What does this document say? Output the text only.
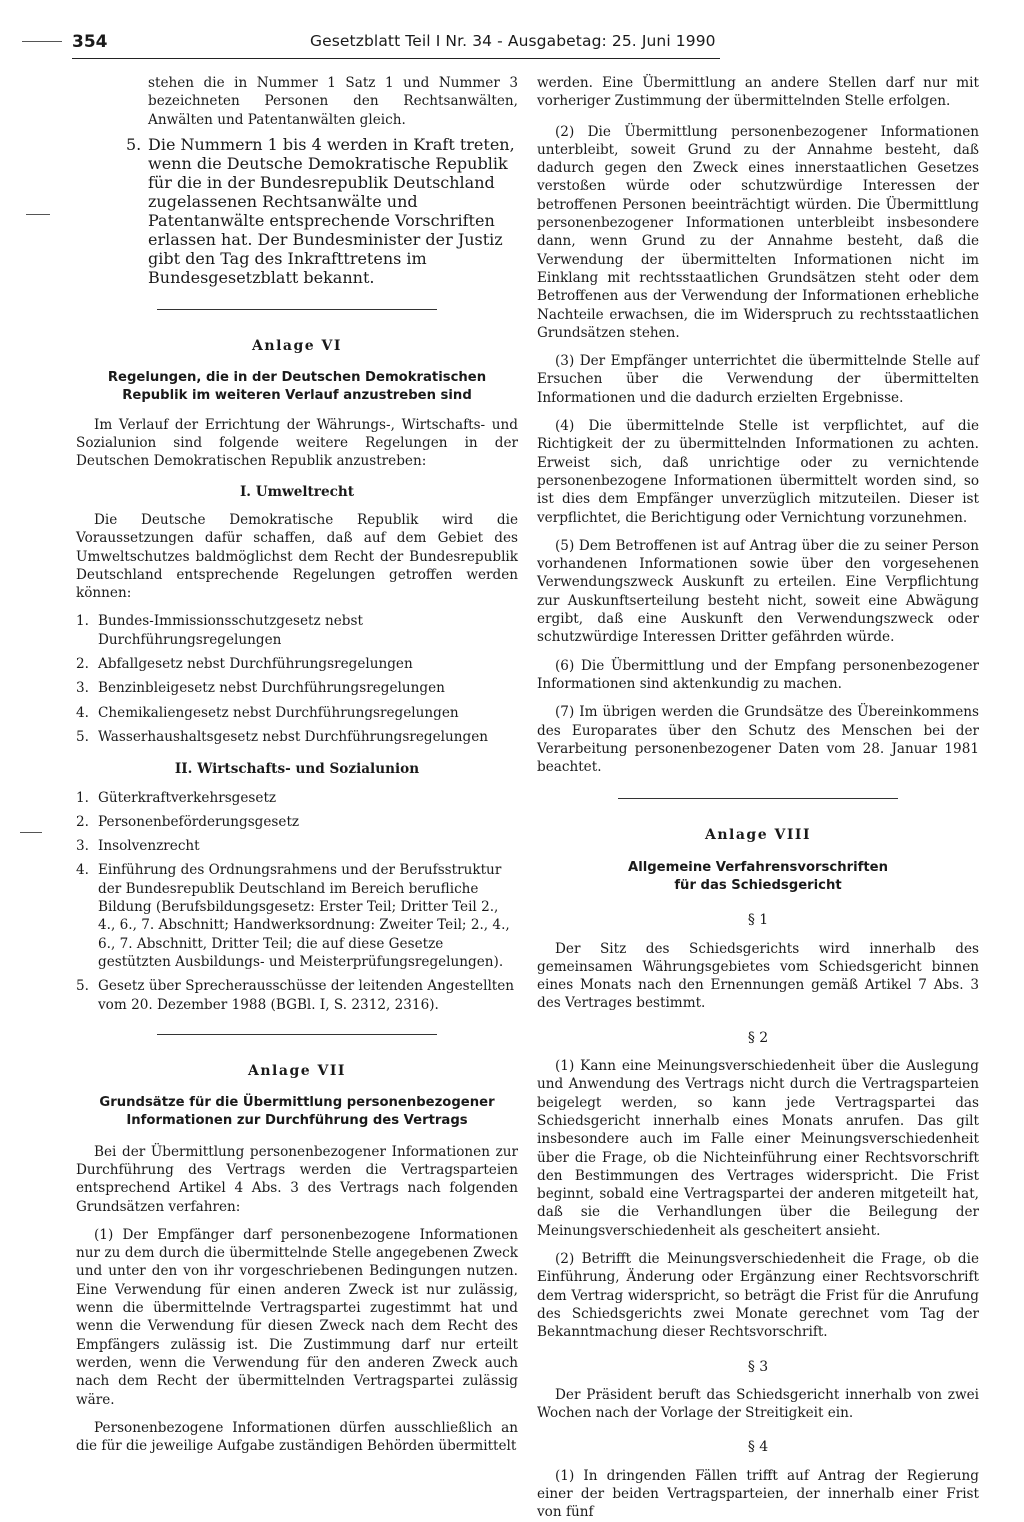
354	Gesetzblatt Teil I Nr. 34 - Ausgabetag: 25. Juni 1990

stehen die in Nummer 1 Satz 1 und Nummer 3 bezeichneten Personen den Rechtsanwälten, Anwälten und Patentanwälten gleich.

5. Die Nummern 1 bis 4 werden in Kraft treten, wenn die Deutsche Demokratische Republik für die in der Bundesrepublik Deutschland zugelassenen Rechtsanwälte und Patentanwälte entsprechende Vorschriften erlassen hat. Der Bundesminister der Justiz gibt den Tag des Inkrafttretens im Bundesgesetzblatt bekannt.
Anlage VI
Regelungen, die in der Deutschen Demokratischen Republik im weiteren Verlauf anzustreben sind

Im Verlauf der Errichtung der Währungs-, Wirtschafts- und Sozialunion sind folgende weitere Regelungen in der Deutschen Demokratischen Republik anzustreben:

I. Umweltrecht

Die Deutsche Demokratische Republik wird die Voraussetzungen dafür schaffen, daß auf dem Gebiet des Umweltschutzes baldmöglichst dem Recht der Bundesrepublik Deutschland entsprechende Regelungen getroffen werden können:

1. Bundes-Immissionsschutzgesetz nebst Durchführungsregelungen
2. Abfallgesetz nebst Durchführungsregelungen
3. Benzinbleigesetz nebst Durchführungsregelungen
4. Chemikaliengesetz nebst Durchführungsregelungen
5. Wasserhaushaltsgesetz nebst Durchführungsregelungen
II. Wirtschafts- und Sozialunion
1. Güterkraftverkehrsgesetz
2. Personenbeförderungsgesetz
3. Insolvenzrecht
4. Einführung des Ordnungsrahmens und der Berufsstruktur der Bundesrepublik Deutschland im Bereich berufliche Bildung (Berufsbildungsgesetz: Erster Teil; Dritter Teil 2., 4., 6., 7. Abschnitt; Handwerksordnung: Zweiter Teil; 2., 4., 6., 7. Abschnitt, Dritter Teil; die auf diese Gesetze gestützten Ausbildungs- und Meisterprüfungsregelungen).
5. Gesetz über Sprecherausschüsse der leitenden Angestellten vom 20. Dezember 1988 (BGBl. I, S. 2312, 2316).
Anlage VII
Grundsätze für die Übermittlung personenbezogener Informationen zur Durchführung des Vertrags

Bei der Übermittlung personenbezogener Informationen zur Durchführung des Vertrags werden die Vertragsparteien entsprechend Artikel 4 Abs. 3 des Vertrags nach folgenden Grundsätzen verfahren:

(1) Der Empfänger darf personenbezogene Informationen nur zu dem durch die übermittelnde Stelle angegebenen Zweck und unter den von ihr vorgeschriebenen Bedingungen nutzen. Eine Verwendung für einen anderen Zweck ist nur zulässig, wenn die übermittelnde Vertragspartei zugestimmt hat und wenn die Verwendung für diesen Zweck nach dem Recht des Empfängers zulässig ist. Die Zustimmung darf nur erteilt werden, wenn die Verwendung für den anderen Zweck auch nach dem Recht der übermittelnden Vertragspartei zulässig wäre.

Personenbezogene Informationen dürfen ausschließlich an die für die jeweilige Aufgabe zuständigen Behörden übermittelt

werden. Eine Übermittlung an andere Stellen darf nur mit vorheriger Zustimmung der übermittelnden Stelle erfolgen.

(2) Die Übermittlung personenbezogener Informationen unterbleibt, soweit Grund zu der Annahme besteht, daß dadurch gegen den Zweck eines innerstaatlichen Gesetzes verstoßen würde oder schutzwürdige Interessen der betroffenen Personen beeinträchtigt würden. Die Übermittlung personenbezogener Informationen unterbleibt insbesondere dann, wenn Grund zu der Annahme besteht, daß die Verwendung der übermittelten Informationen nicht im Einklang mit rechtsstaatlichen Grundsätzen steht oder dem Betroffenen aus der Verwendung der Informationen erhebliche Nachteile erwachsen, die im Widerspruch zu rechtsstaatlichen Grundsätzen stehen.

(3) Der Empfänger unterrichtet die übermittelnde Stelle auf Ersuchen über die Verwendung der übermittelten Informationen und die dadurch erzielten Ergebnisse.

(4) Die übermittelnde Stelle ist verpflichtet, auf die Richtigkeit der zu übermittelnden Informationen zu achten. Erweist sich, daß unrichtige oder zu vernichtende personenbezogene Informationen übermittelt worden sind, so ist dies dem Empfänger unverzüglich mitzuteilen. Dieser ist verpflichtet, die Berichtigung oder Vernichtung vorzunehmen.

(5) Dem Betroffenen ist auf Antrag über die zu seiner Person vorhandenen Informationen sowie über den vorgesehenen Verwendungszweck Auskunft zu erteilen. Eine Verpflichtung zur Auskunftserteilung besteht nicht, soweit eine Abwägung ergibt, daß eine Auskunft den Verwendungszweck oder schutzwürdige Interessen Dritter gefährden würde.

(6) Die Übermittlung und der Empfang personenbezogener Informationen sind aktenkundig zu machen.

(7) Im übrigen werden die Grundsätze des Übereinkommens des Europarates über den Schutz des Menschen bei der Verarbeitung personenbezogener Daten vom 28. Januar 1981 beachtet.

Anlage VIII
Allgemeine Verfahrensvorschriften für das Schiedsgericht
§ 1

Der Sitz des Schiedsgerichts wird innerhalb des gemeinsamen Währungsgebietes vom Schiedsgericht binnen eines Monats nach den Ernennungen gemäß Artikel 7 Abs. 3 des Vertrages bestimmt.

§ 2

(1) Kann eine Meinungsverschiedenheit über die Auslegung und Anwendung des Vertrags nicht durch die Vertragsparteien beigelegt werden, so kann jede Vertragspartei das Schiedsgericht innerhalb eines Monats anrufen. Das gilt insbesondere auch im Falle einer Meinungsverschiedenheit über die Frage, ob die Nichteinführung einer Rechtsvorschrift den Bestimmungen des Vertrages widerspricht. Die Frist beginnt, sobald eine Vertragspartei der anderen mitgeteilt hat, daß sie die Verhandlungen über die Beilegung der Meinungsverschiedenheit als gescheitert ansieht.

(2) Betrifft die Meinungsverschiedenheit die Frage, ob die Einführung, Änderung oder Ergänzung einer Rechtsvorschrift dem Vertrag widerspricht, so beträgt die Frist für die Anrufung des Schiedsgerichts zwei Monate gerechnet vom Tag der Bekanntmachung dieser Rechtsvorschrift.

§ 3

Der Präsident beruft das Schiedsgericht innerhalb von zwei Wochen nach der Vorlage der Streitigkeit ein.

§ 4

(1) In dringenden Fällen trifft auf Antrag der Regierung einer der beiden Vertragsparteien, der innerhalb einer Frist von fünf
